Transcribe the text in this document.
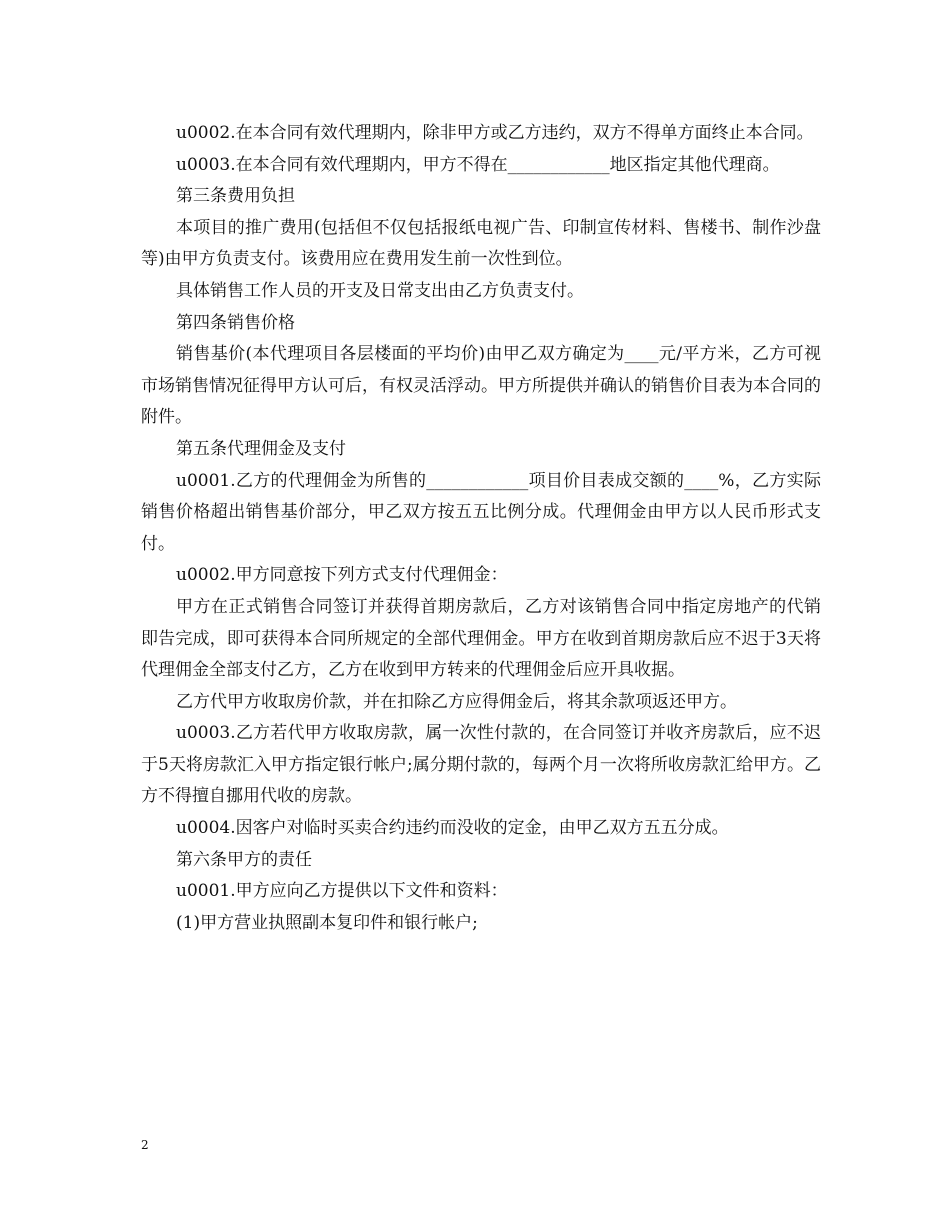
u0002.在本合同有效代理期内，除非甲方或乙方违约，双方不得单方面终止本合同。

u0003.在本合同有效代理期内，甲方不得在____________地区指定其他代理商。

第三条费用负担

本项目的推广费用(包括但不仅包括报纸电视广告、印制宣传材料、售楼书、制作沙盘等)由甲方负责支付。该费用应在费用发生前一次性到位。

具体销售工作人员的开支及日常支出由乙方负责支付。

第四条销售价格

销售基价(本代理项目各层楼面的平均价)由甲乙双方确定为____元/平方米，乙方可视市场销售情况征得甲方认可后，有权灵活浮动。甲方所提供并确认的销售价目表为本合同的附件。

第五条代理佣金及支付

u0001.乙方的代理佣金为所售的____________项目价目表成交额的____%，乙方实际销售价格超出销售基价部分，甲乙双方按五五比例分成。代理佣金由甲方以人民币形式支付。

u0002.甲方同意按下列方式支付代理佣金：

甲方在正式销售合同签订并获得首期房款后，乙方对该销售合同中指定房地产的代销即告完成，即可获得本合同所规定的全部代理佣金。甲方在收到首期房款后应不迟于3天将代理佣金全部支付乙方，乙方在收到甲方转来的代理佣金后应开具收据。

乙方代甲方收取房价款，并在扣除乙方应得佣金后，将其余款项返还甲方。

u0003.乙方若代甲方收取房款，属一次性付款的，在合同签订并收齐房款后，应不迟于5天将房款汇入甲方指定银行帐户;属分期付款的，每两个月一次将所收房款汇给甲方。乙方不得擅自挪用代收的房款。

u0004.因客户对临时买卖合约违约而没收的定金，由甲乙双方五五分成。

第六条甲方的责任

u0001.甲方应向乙方提供以下文件和资料：

(1)甲方营业执照副本复印件和银行帐户;

2
